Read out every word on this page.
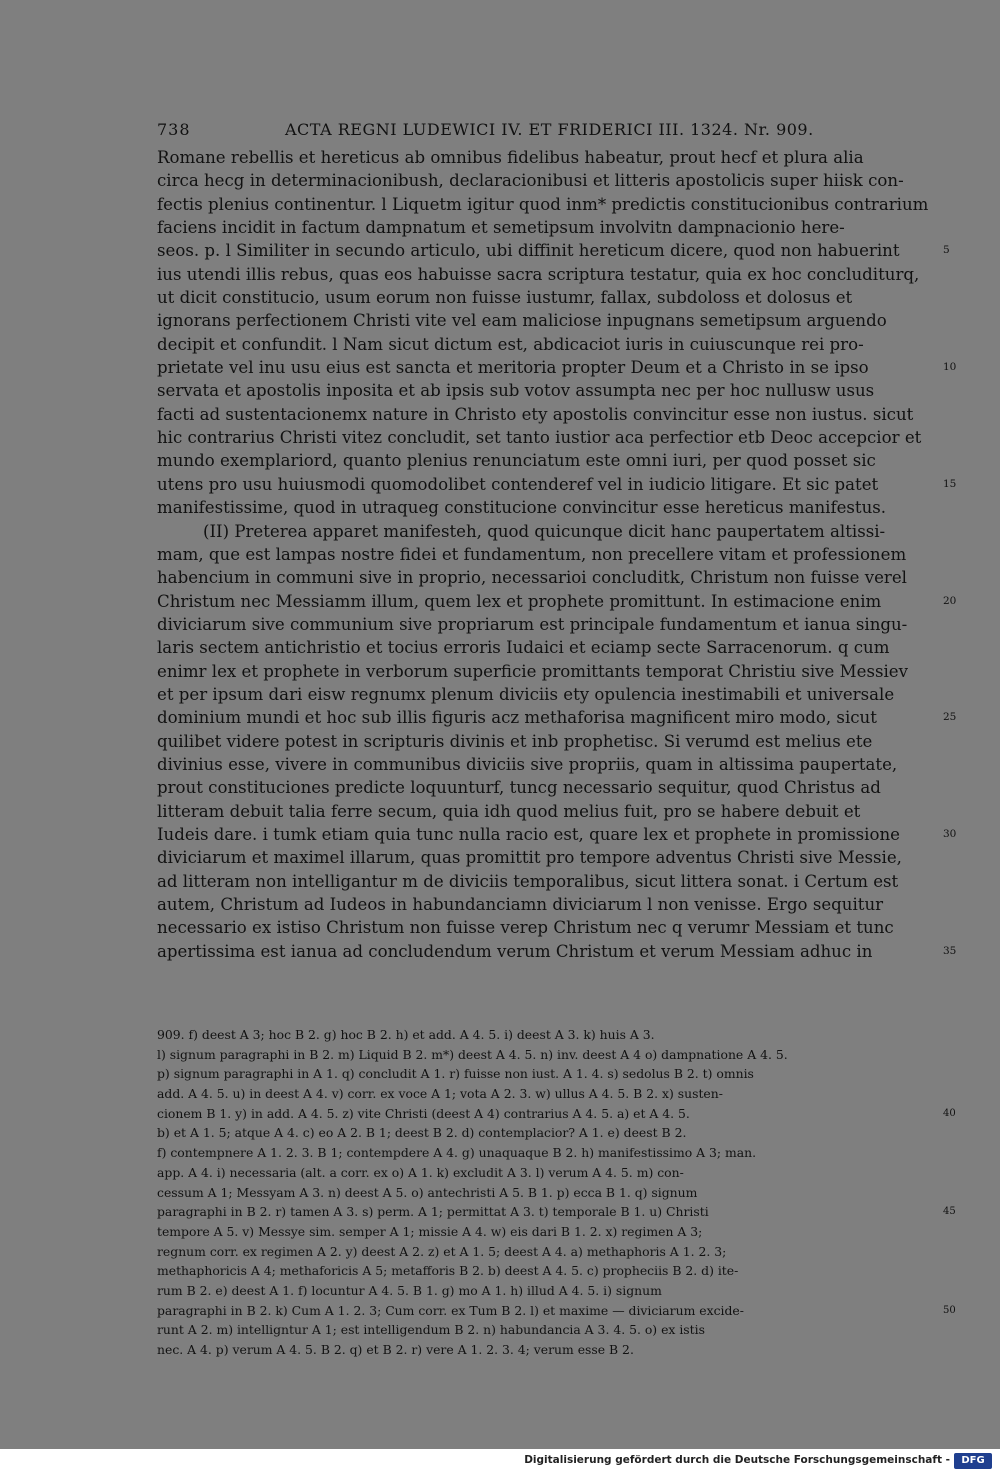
738	ACTA REGNI LUDEWICI IV. ET FRIDERICI III. 1324. Nr. 909.
Romane rebellis et hereticus ab omnibus fidelibus habeatur, prout hecf et plura alia
circa hecg in determinacionibush, declaracionibusi et litteris apostolicis super hiisk con-
fectis plenius continentur. l Liquetm igitur quod inm* predictis constitucionibus contrarium
faciens incidit in factum dampnatum et semetipsum involvitn dampnacionio here-
seos. p. l Similiter in secundo articulo, ubi diffinit hereticum dicere, quod non habuerint	5
ius utendi illis rebus, quas eos habuisse sacra scriptura testatur, quia ex hoc concluditurq,
ut dicit constitucio, usum eorum non fuisse iustumr, fallax, subdoloss et dolosus et
ignorans perfectionem Christi vite vel eam maliciose inpugnans semetipsum arguendo
decipit et confundit. l Nam sicut dictum est, abdicaciot iuris in cuiuscunque rei pro-
prietate vel inu usu eius est sancta et meritoria propter Deum et a Christo in se ipso	10
servata et apostolis inposita et ab ipsis sub votov assumpta nec per hoc nullusw usus
facti ad sustentacionemx nature in Christo ety apostolis convincitur esse non iustus. sicut
hic contrarius Christi vitez concludit, set tanto iustior aca perfectior etb Deoc accepcior et
mundo exemplariord, quanto plenius renunciatum este omni iuri, per quod posset sic
utens pro usu huiusmodi quomodolibet contenderef vel in iudicio litigare. Et sic patet	15
manifestissime, quod in utraqueg constitucione convincitur esse hereticus manifestus.
(II) Preterea apparet manifesteh, quod quicunque dicit hanc paupertatem altissi-
mam, que est lampas nostre fidei et fundamentum, non precellere vitam et professionem
habencium in communi sive in proprio, necessarioi concluditk, Christum non fuisse verel
Christum nec Messiamm illum, quem lex et prophete promittunt. In estimacione enim	20
diviciarum sive communium sive propriarum est principale fundamentum et ianua singu-
laris sectem antichristio et tocius erroris Iudaici et eciamp secte Sarracenorum. q cum
enimr lex et prophete in verborum superficie promittants temporat Christiu sive Messiev
et per ipsum dari eisw regnumx plenum diviciis ety opulencia inestimabili et universale
dominium mundi et hoc sub illis figuris acz methaforisa magnificent miro modo, sicut	25
quilibet videre potest in scripturis divinis et inb prophetisc. Si verumd est melius ete
divinius esse, vivere in communibus diviciis sive propriis, quam in altissima paupertate,
prout constituciones predicte loquunturf, tuncg necessario sequitur, quod Christus ad
litteram debuit talia ferre secum, quia idh quod melius fuit, pro se habere debuit et
Iudeis dare. i tumk etiam quia tunc nulla racio est, quare lex et prophete in promissione	30
diviciarum et maximel illarum, quas promittit pro tempore adventus Christi sive Messie,
ad litteram non intelligantur m de diviciis temporalibus, sicut littera sonat. i Certum est
autem, Christum ad Iudeos in habundanciamn diviciarum l non venisse. Ergo sequitur
necessario ex istiso Christum non fuisse verep Christum nec q verumr Messiam et tunc
apertissima est ianua ad concludendum verum Christum et verum Messiam adhuc in	35
909. f) deest A 3; hoc B 2. g) hoc B 2. h) et add. A 4. 5. i) deest A 3. k) huis A 3.
l) signum paragraphi in B 2. m) Liquid B 2. m*) deest A 4. 5. n) inv. deest A 4 o) dampnatione A 4. 5.
p) signum paragraphi in A 1. q) concludit A 1. r) fuisse non iust. A 1. 4. s) sedolus B 2. t) omnis
add. A 4. 5. u) in deest A 4. v) corr. ex voce A 1; vota A 2. 3. w) ullus A 4. 5. B 2. x) susten-
cionem B 1. y) in add. A 4. 5. z) vite Christi (deest A 4) contrarius A 4. 5. a) et A 4. 5.	40
b) et A 1. 5; atque A 4. c) eo A 2. B 1; deest B 2. d) contemplacior? A 1. e) deest B 2.
f) contempnere A 1. 2. 3. B 1; contempdere A 4. g) unaquaque B 2. h) manifestissimo A 3; man.
app. A 4. i) necessaria (alt. a corr. ex o) A 1. k) excludit A 3. l) verum A 4. 5. m) con-
cessum A 1; Messyam A 3. n) deest A 5. o) antechristi A 5. B 1. p) ecca B 1. q) signum
paragraphi in B 2. r) tamen A 3. s) perm. A 1; permittat A 3. t) temporale B 1. u) Christi	45
tempore A 5. v) Messye sim. semper A 1; missie A 4. w) eis dari B 1. 2. x) regimen A 3;
regnum corr. ex regimen A 2. y) deest A 2. z) et A 1. 5; deest A 4. a) methaphoris A 1. 2. 3;
methaphoricis A 4; methaforicis A 5; metafforis B 2. b) deest A 4. 5. c) propheciis B 2. d) ite-
rum B 2. e) deest A 1. f) locuntur A 4. 5. B 1. g) mo A 1. h) illud A 4. 5. i) signum
paragraphi in B 2. k) Cum A 1. 2. 3; Cum corr. ex Tum B 2. l) et maxime — diviciarum excide-	50
runt A 2. m) intelligntur A 1; est intelligendum B 2. n) habundancia A 3. 4. 5. o) ex istis
nec. A 4. p) verum A 4. 5. B 2. q) et B 2. r) vere A 1. 2. 3. 4; verum esse B 2.
Digitalisierung gefördert durch die Deutsche Forschungsgemeinschaft -	DFG
